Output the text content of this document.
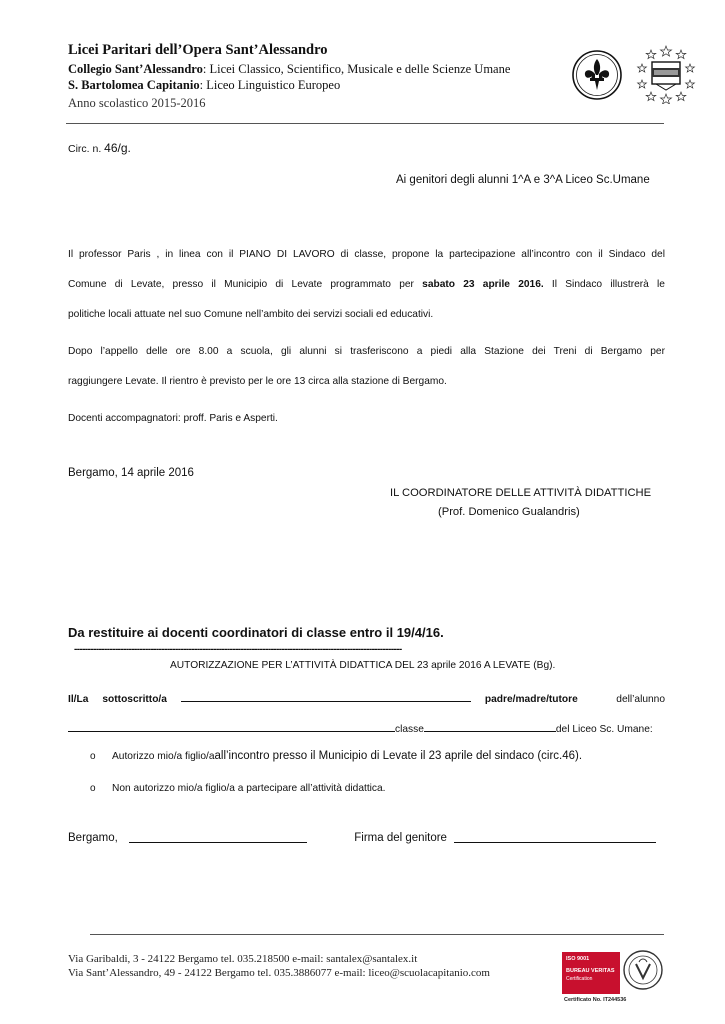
Licei Paritari dell’Opera Sant’Alessandro
Collegio Sant’Alessandro: Licei Classico, Scientifico, Musicale e delle Scienze Umane
S. Bartolomea Capitanio: Liceo Linguistico Europeo
Anno scolastico 2015-2016
Circ. n. 46/g.
Ai genitori degli alunni 1^A e 3^A Liceo Sc.Umane
Il professor Paris , in linea con il PIANO DI LAVORO di classe, propone la partecipazione all’incontro con il Sindaco del
Comune di Levate, presso il Municipio di Levate programmato per sabato 23 aprile 2016. Il Sindaco illustrerà le
politiche locali attuate nel suo Comune nell’ambito dei servizi sociali ed educativi.
Dopo l’appello delle ore 8.00 a scuola, gli alunni si trasferiscono a piedi alla Stazione dei Treni di Bergamo per
raggiungere Levate. Il rientro è previsto per le ore 13 circa alla stazione di Bergamo.
Docenti accompagnatori: proff. Paris e Asperti.
Bergamo, 14 aprile 2016
IL COORDINATORE DELLE ATTIVITÀ DIDATTICHE
(Prof. Domenico Gualandris)
Da restituire ai docenti coordinatori di classe entro il 19/4/16.
------------------------------------------------------------------------------------------------------------------------
AUTORIZZAZIONE PER L’ATTIVITÀ DIDATTICA DEL 23 aprile 2016 A LEVATE (Bg).
Il/La sottoscritto/a	padre/madre/tutore	dell’alunno
classe	del Liceo Sc. Umane:
o	Autorizzo mio/a figlio/a all’incontro presso il Municipio di Levate il 23 aprile del sindaco (circ.46).
o	Non autorizzo mio/a figlio/a a partecipare all’attività didattica.
Bergamo,	Firma del genitore
Via Garibaldi, 3 - 24122 Bergamo tel. 035.218500 e-mail: santalex@santalex.it
Via Sant’Alessandro, 49 - 24122 Bergamo tel. 035.3886077 e-mail: liceo@scuolacapitanio.com
ISO 9001
BUREAU VERITAS
Certification
Certificato No. IT244536
